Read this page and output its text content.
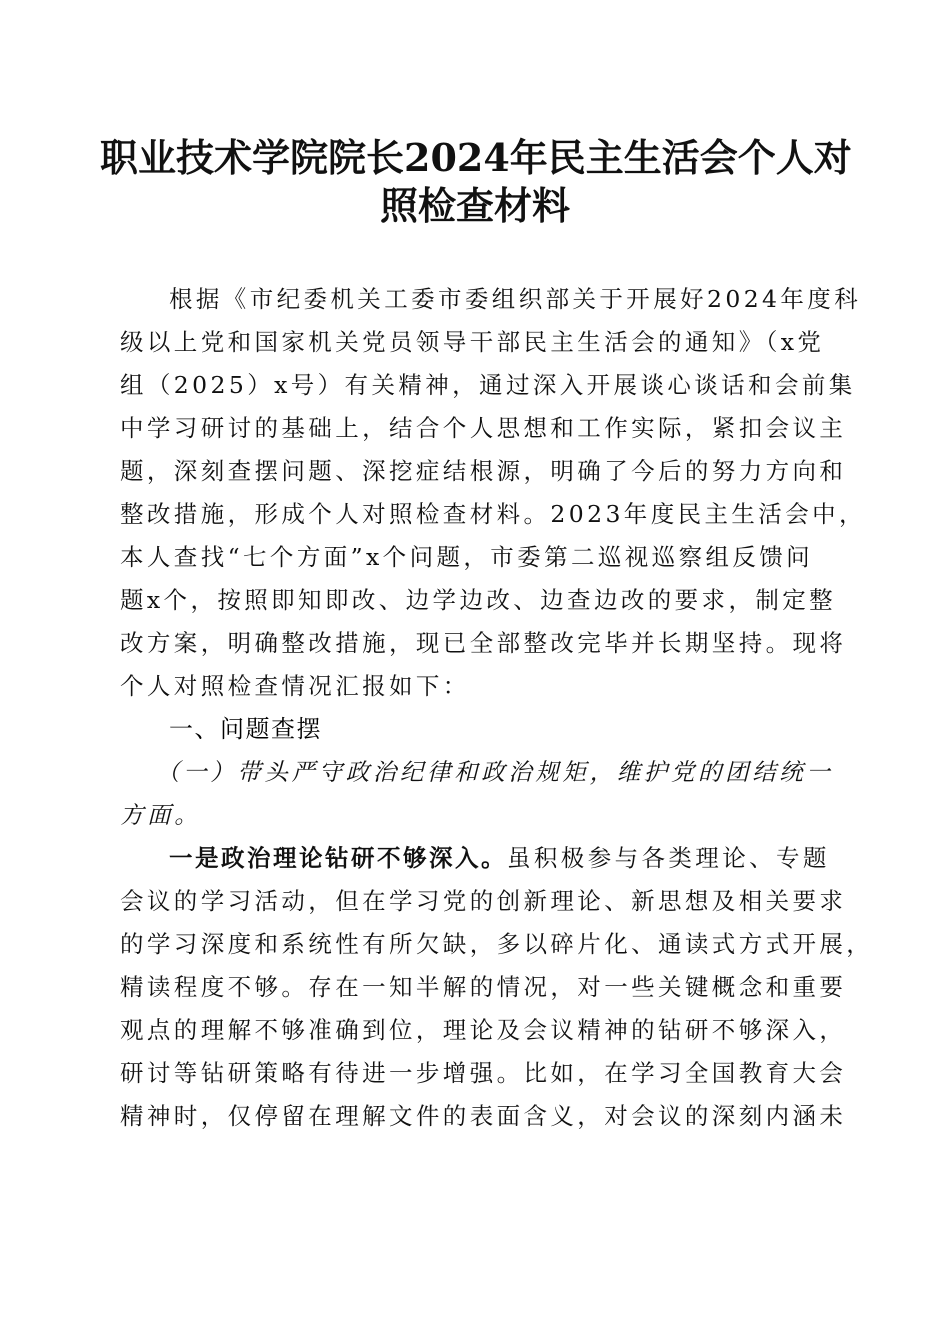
职业技术学院院长2024年民主生活会个人对
照检查材料
根据《市纪委机关工委市委组织部关于开展好2024年度科
级以上党和国家机关党员领导干部民主生活会的通知》（x党
组（2025）x号）有关精神，通过深入开展谈心谈话和会前集
中学习研讨的基础上，结合个人思想和工作实际，紧扣会议主
题，深刻查摆问题、深挖症结根源，明确了今后的努力方向和
整改措施，形成个人对照检查材料。2023年度民主生活会中，
本人查找“七个方面”x个问题，市委第二巡视巡察组反馈问
题x个，按照即知即改、边学边改、边查边改的要求，制定整
改方案，明确整改措施，现已全部整改完毕并长期坚持。现将
个人对照检查情况汇报如下：
一、问题查摆
（一）带头严守政治纪律和政治规矩，维护党的团结统一
方面。
一是政治理论钻研不够深入。虽积极参与各类理论、专题
会议的学习活动，但在学习党的创新理论、新思想及相关要求
的学习深度和系统性有所欠缺，多以碎片化、通读式方式开展，
精读程度不够。存在一知半解的情况，对一些关键概念和重要
观点的理解不够准确到位，理论及会议精神的钻研不够深入，
研讨等钻研策略有待进一步增强。比如，在学习全国教育大会
精神时，仅停留在理解文件的表面含义，对会议的深刻内涵未
